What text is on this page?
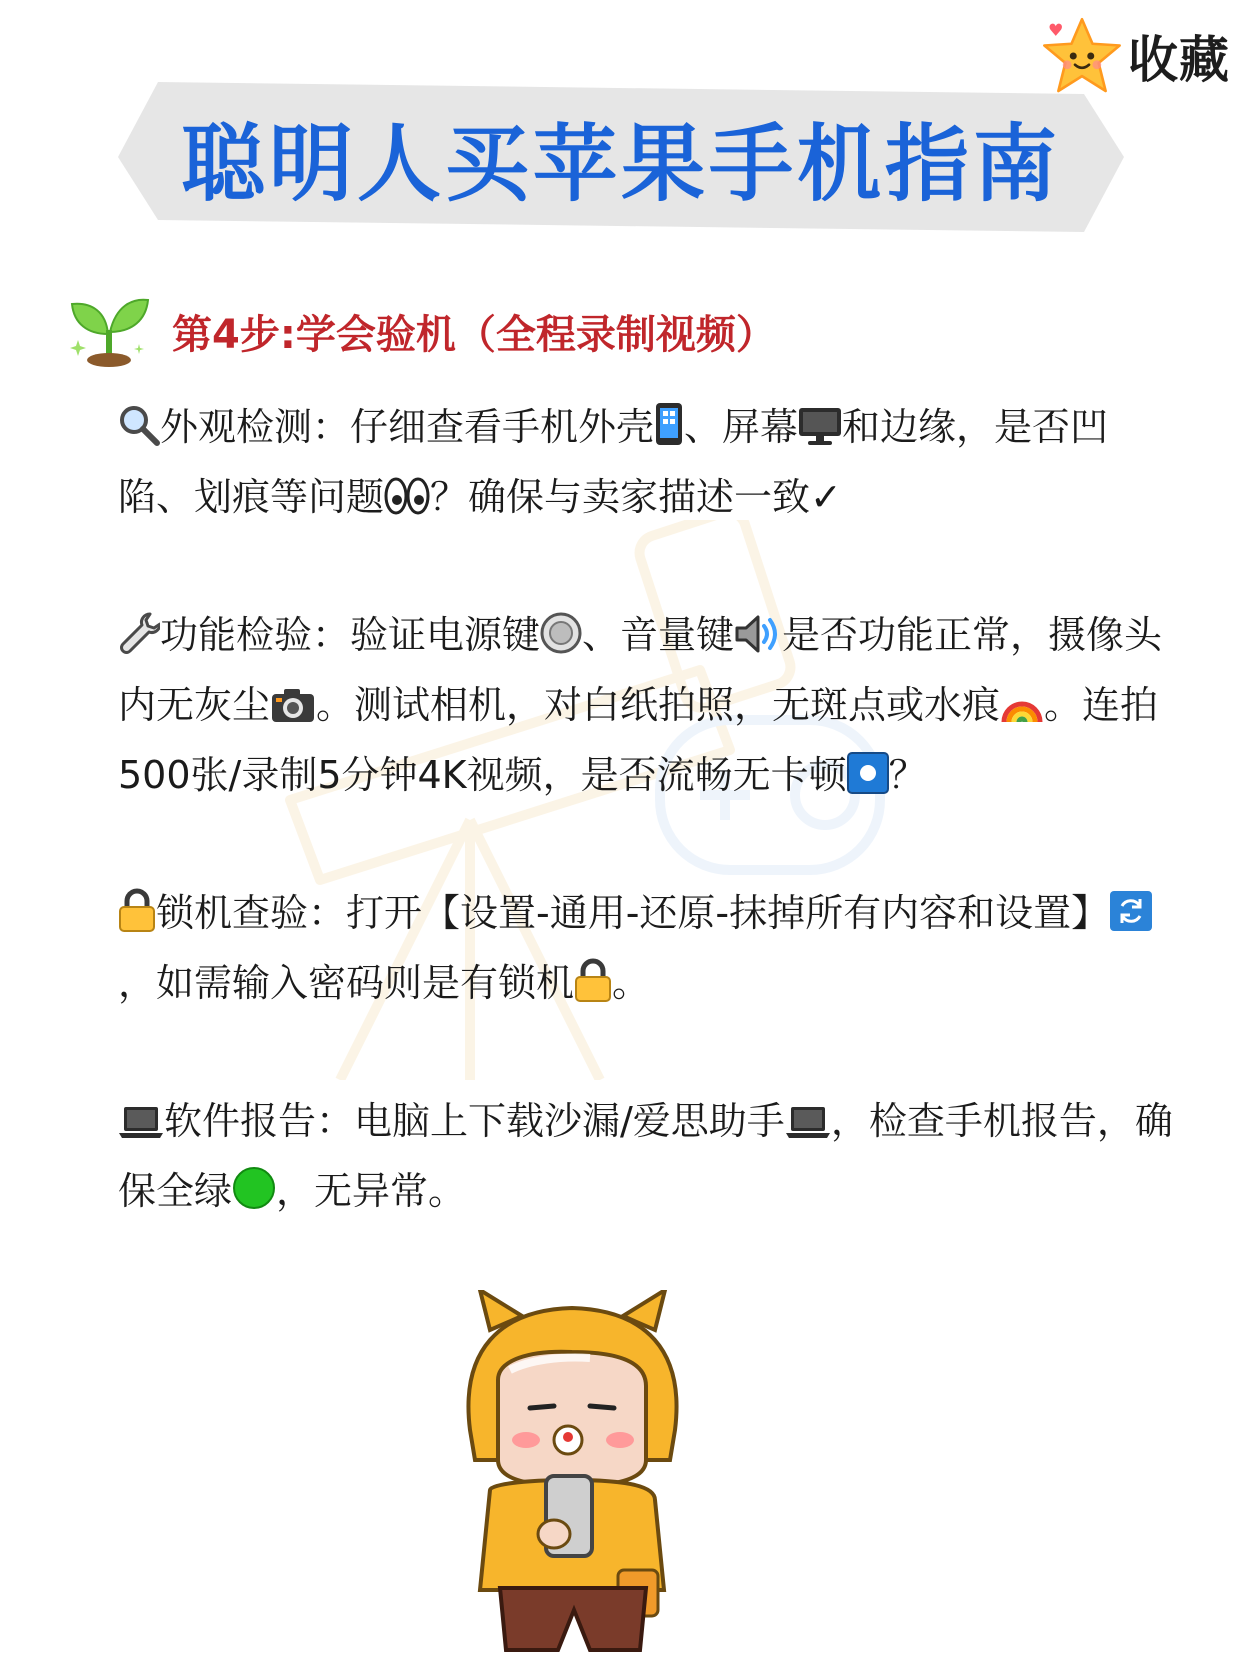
收藏
聪明人买苹果手机指南
第4步:学会验机（全程录制视频）

外观检测：仔细查看手机外壳 、屏幕 和边缘，是否凹陷、划痕等问题 ？确保与卖家描述一致✓

功能检验：验证电源键 、音量键 是否功能正常，摄像头内无灰尘 。测试相机，对白纸拍照，无斑点或水痕 。连拍500张/录制5分钟4K视频，是否流畅无卡顿 ？

锁机查验：打开【设置-通用-还原-抹掉所有内容和设置】，如需输入密码则是有锁机 。

软件报告：电脑上下载沙漏/爱思助手 ，检查手机报告，确保全绿 ，无异常。
